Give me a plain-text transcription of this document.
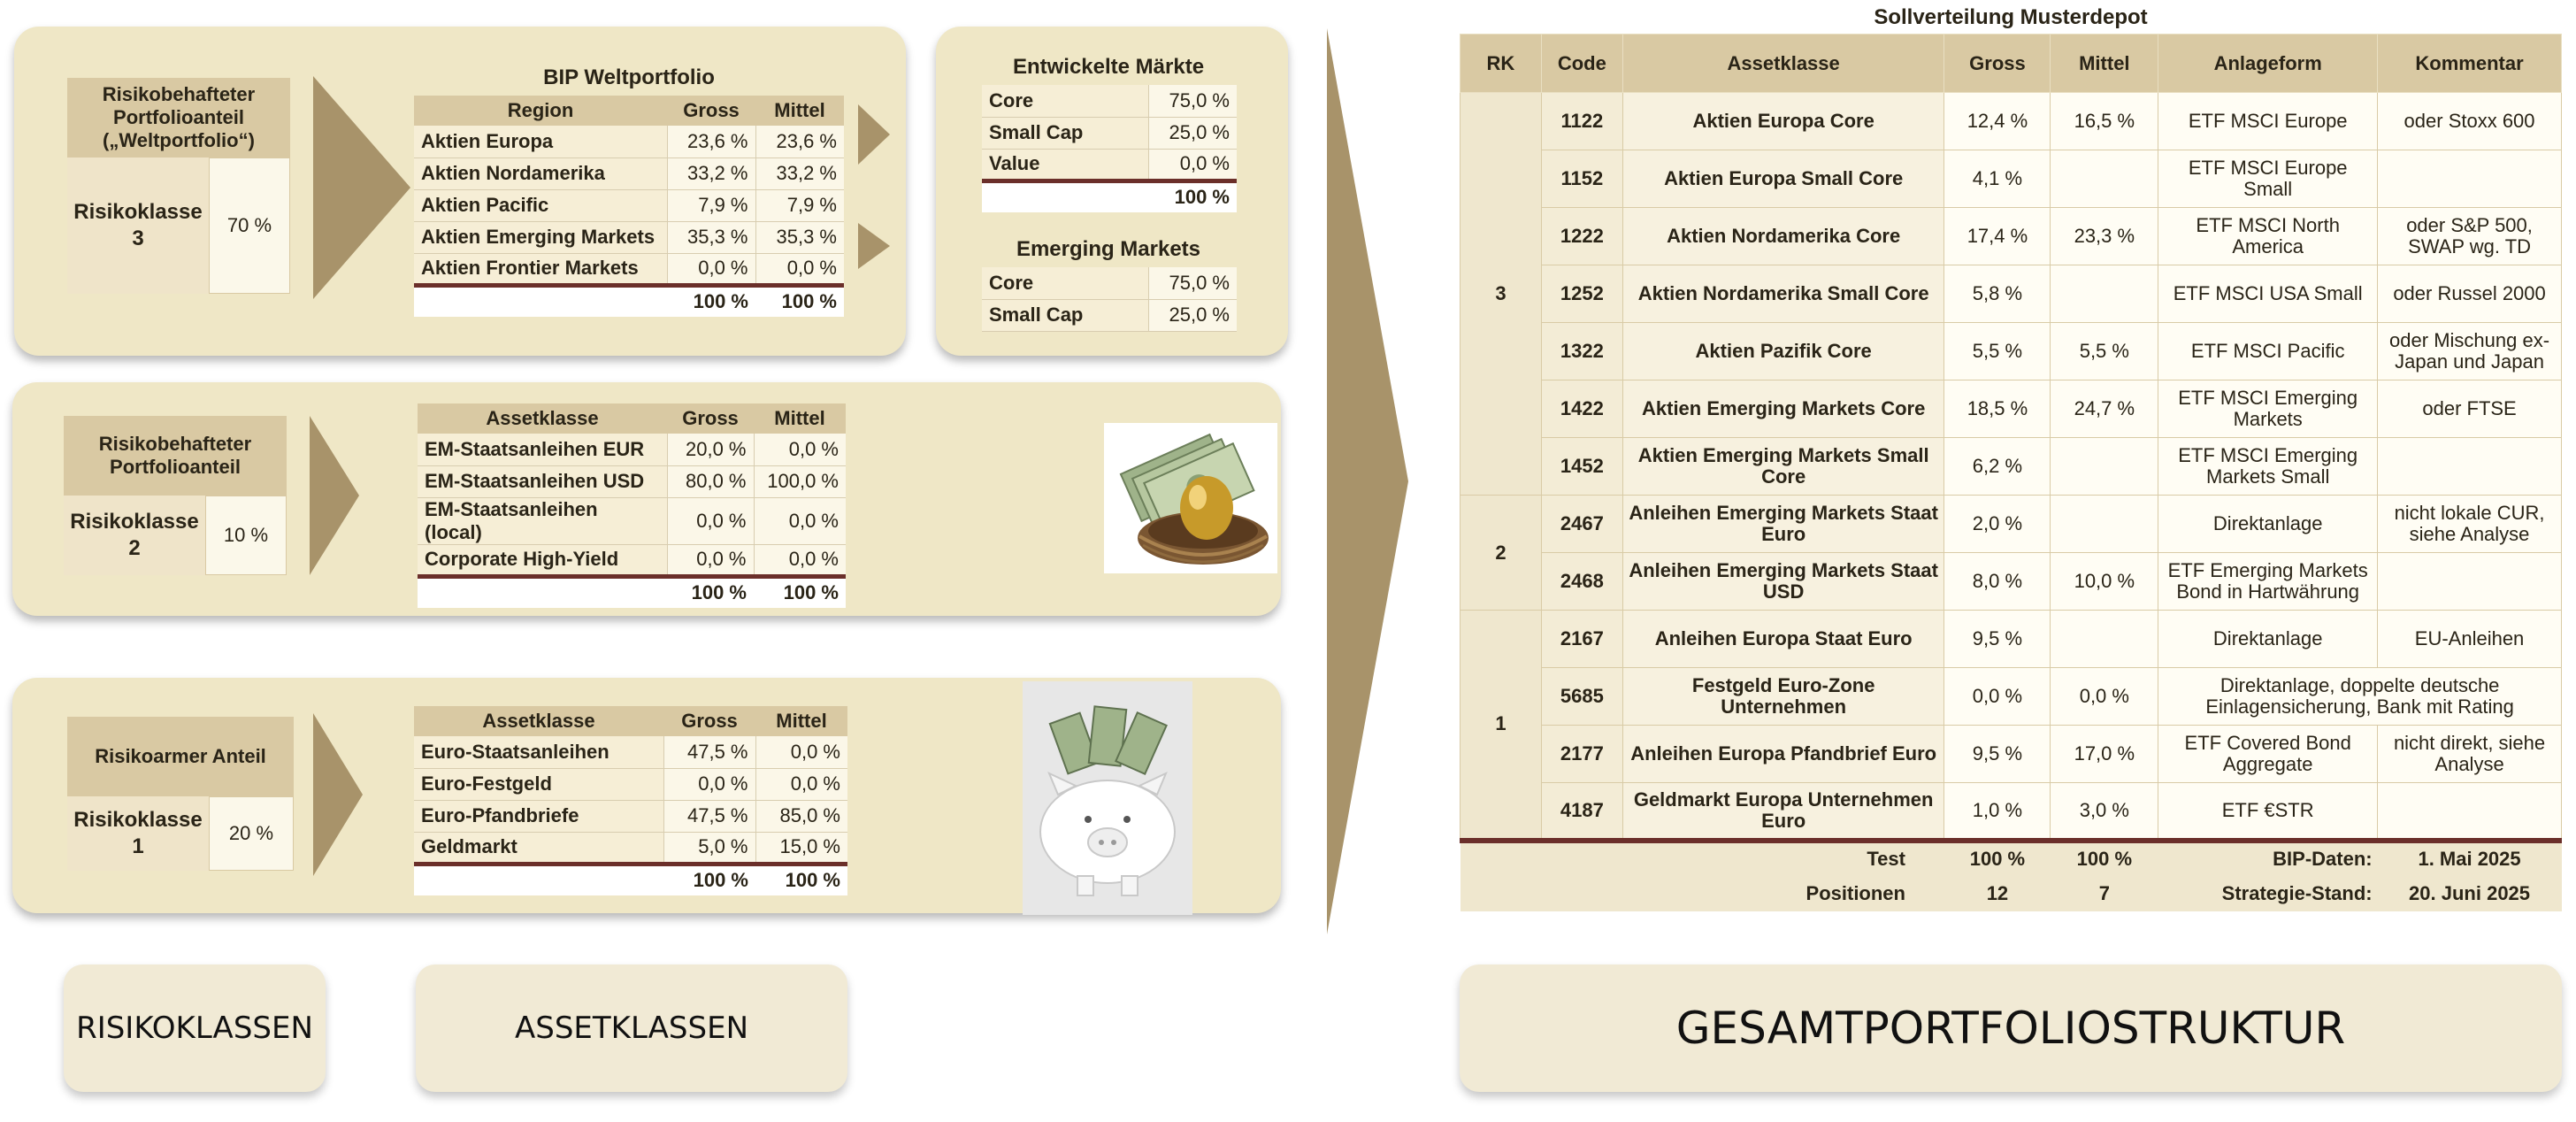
Risikobehafteter Portfolioanteil („Weltportfolio“)
Risikoklasse 3
70 %
Risikobehafteter Portfolioanteil
Risikoklasse 2
10 %
Risikoarmer Anteil
Risikoklasse 1
20 %
BIP Weltportfolio
Region	Gross	Mittel
Aktien Europa	23,6 %	23,6 %
Aktien Nordamerika	33,2 %	33,2 %
Aktien Pacific	7,9 %	7,9 %
Aktien Emerging Markets	35,3 %	35,3 %
Aktien Frontier Markets	0,0 %	0,0 %
	100 %	100 %
Entwickelte Märkte
Core	75,0 %
Small Cap	25,0 %
Value	0,0 %
	100 %
Emerging Markets
Core	75,0 %
Small Cap	25,0 %
Assetklasse	Gross	Mittel
EM-Staatsanleihen EUR	20,0 %	0,0 %
EM-Staatsanleihen USD	80,0 %	100,0 %
EM-Staatsanleihen (local)	0,0 %	0,0 %
Corporate High-Yield	0,0 %	0,0 %
	100 %	100 %
Assetklasse	Gross	Mittel
Euro-Staatsanleihen	47,5 %	0,0 %
Euro-Festgeld	0,0 %	0,0 %
Euro-Pfandbriefe	47,5 %	85,0 %
Geldmarkt	5,0 %	15,0 %
	100 %	100 %
RISIKOKLASSEN	ASSETKLASSEN	GESAMTPORTFOLIOSTRUKTUR
Sollverteilung Musterdepot
RK	Code	Assetklasse	Gross	Mittel	Anlageform	Kommentar
3	1122	Aktien Europa Core	12,4 %	16,5 %	ETF MSCI Europe	oder Stoxx 600
	1152	Aktien Europa Small Core	4,1 %		ETF MSCI Europe Small	
	1222	Aktien Nordamerika Core	17,4 %	23,3 %	ETF MSCI North America	oder S&P 500, SWAP wg. TD
	1252	Aktien Nordamerika Small Core	5,8 %		ETF MSCI USA Small	oder Russel 2000
	1322	Aktien Pazifik Core	5,5 %	5,5 %	ETF MSCI Pacific	oder Mischung ex-Japan und Japan
	1422	Aktien Emerging Markets Core	18,5 %	24,7 %	ETF MSCI Emerging Markets	oder FTSE
	1452	Aktien Emerging Markets Small Core	6,2 %		ETF MSCI Emerging Markets Small	
2	2467	Anleihen Emerging Markets Staat Euro	2,0 %		Direktanlage	nicht lokale CUR, siehe Analyse
	2468	Anleihen Emerging Markets Staat USD	8,0 %	10,0 %	ETF Emerging Markets Bond in Hartwährung	
1	2167	Anleihen Europa Staat Euro	9,5 %		Direktanlage	EU-Anleihen
	5685	Festgeld Euro-Zone Unternehmen	0,0 %	0,0 %	Direktanlage, doppelte deutsche Einlagensicherung, Bank mit Rating	
	2177	Anleihen Europa Pfandbrief Euro	9,5 %	17,0 %	ETF Covered Bond Aggregate	nicht direkt, siehe Analyse
	4187	Geldmarkt Europa Unternehmen Euro	1,0 %	3,0 %	ETF €STR	
Test			100 %	100 %	BIP-Daten:	1. Mai 2025
Positionen			12	7	Strategie-Stand:	20. Juni 2025
